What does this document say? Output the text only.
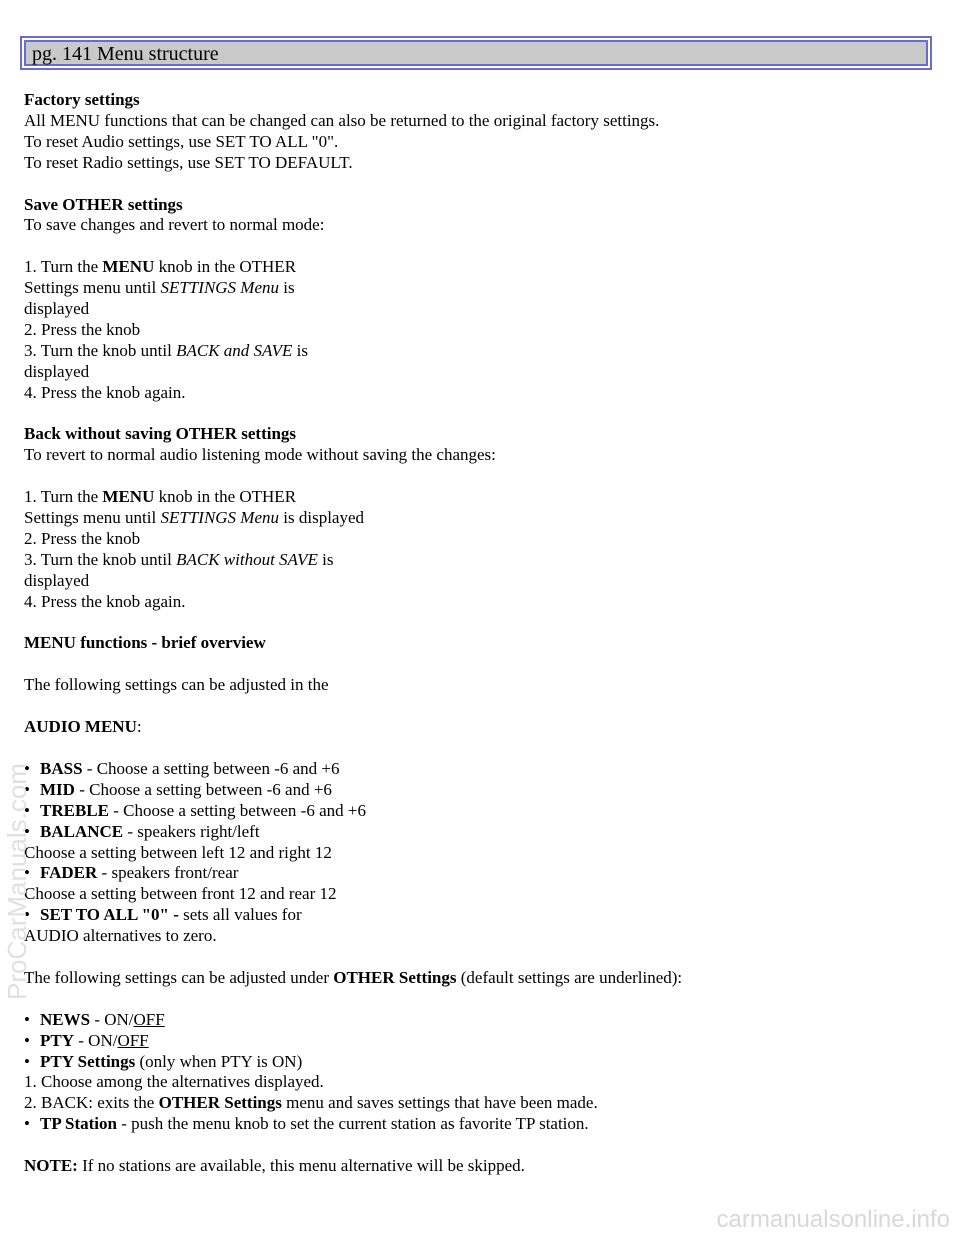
pg. 141 Menu structure
Factory settings
All MENU functions that can be changed can also be returned to the original factory settings.
To reset Audio settings, use SET TO ALL "0".
To reset Radio settings, use SET TO DEFAULT.
Save OTHER settings
To save changes and revert to normal mode:
1. Turn the MENU knob in the OTHER
Settings menu until SETTINGS Menu is
displayed
2. Press the knob
3. Turn the knob until BACK and SAVE is
displayed
4. Press the knob again.
Back without saving OTHER settings
To revert to normal audio listening mode without saving the changes:
1. Turn the MENU knob in the OTHER
Settings menu until SETTINGS Menu is displayed
2. Press the knob
3. Turn the knob until BACK without SAVE is
displayed
4. Press the knob again.
MENU functions - brief overview
The following settings can be adjusted in the
AUDIO MENU:
• BASS - Choose a setting between -6 and +6
• MID - Choose a setting between -6 and +6
• TREBLE - Choose a setting between -6 and +6
• BALANCE - speakers right/left
Choose a setting between left 12 and right 12
• FADER - speakers front/rear
Choose a setting between front 12 and rear 12
• SET TO ALL "0" - sets all values for
AUDIO alternatives to zero.
The following settings can be adjusted under OTHER Settings (default settings are underlined):
• NEWS - ON/OFF
• PTY - ON/OFF
• PTY Settings (only when PTY is ON)
1. Choose among the alternatives displayed.
2. BACK: exits the OTHER Settings menu and saves settings that have been made.
• TP Station - push the menu knob to set the current station as favorite TP station.
NOTE: If no stations are available, this menu alternative will be skipped.
ProCarManuals.com
carmanualsonline.info
